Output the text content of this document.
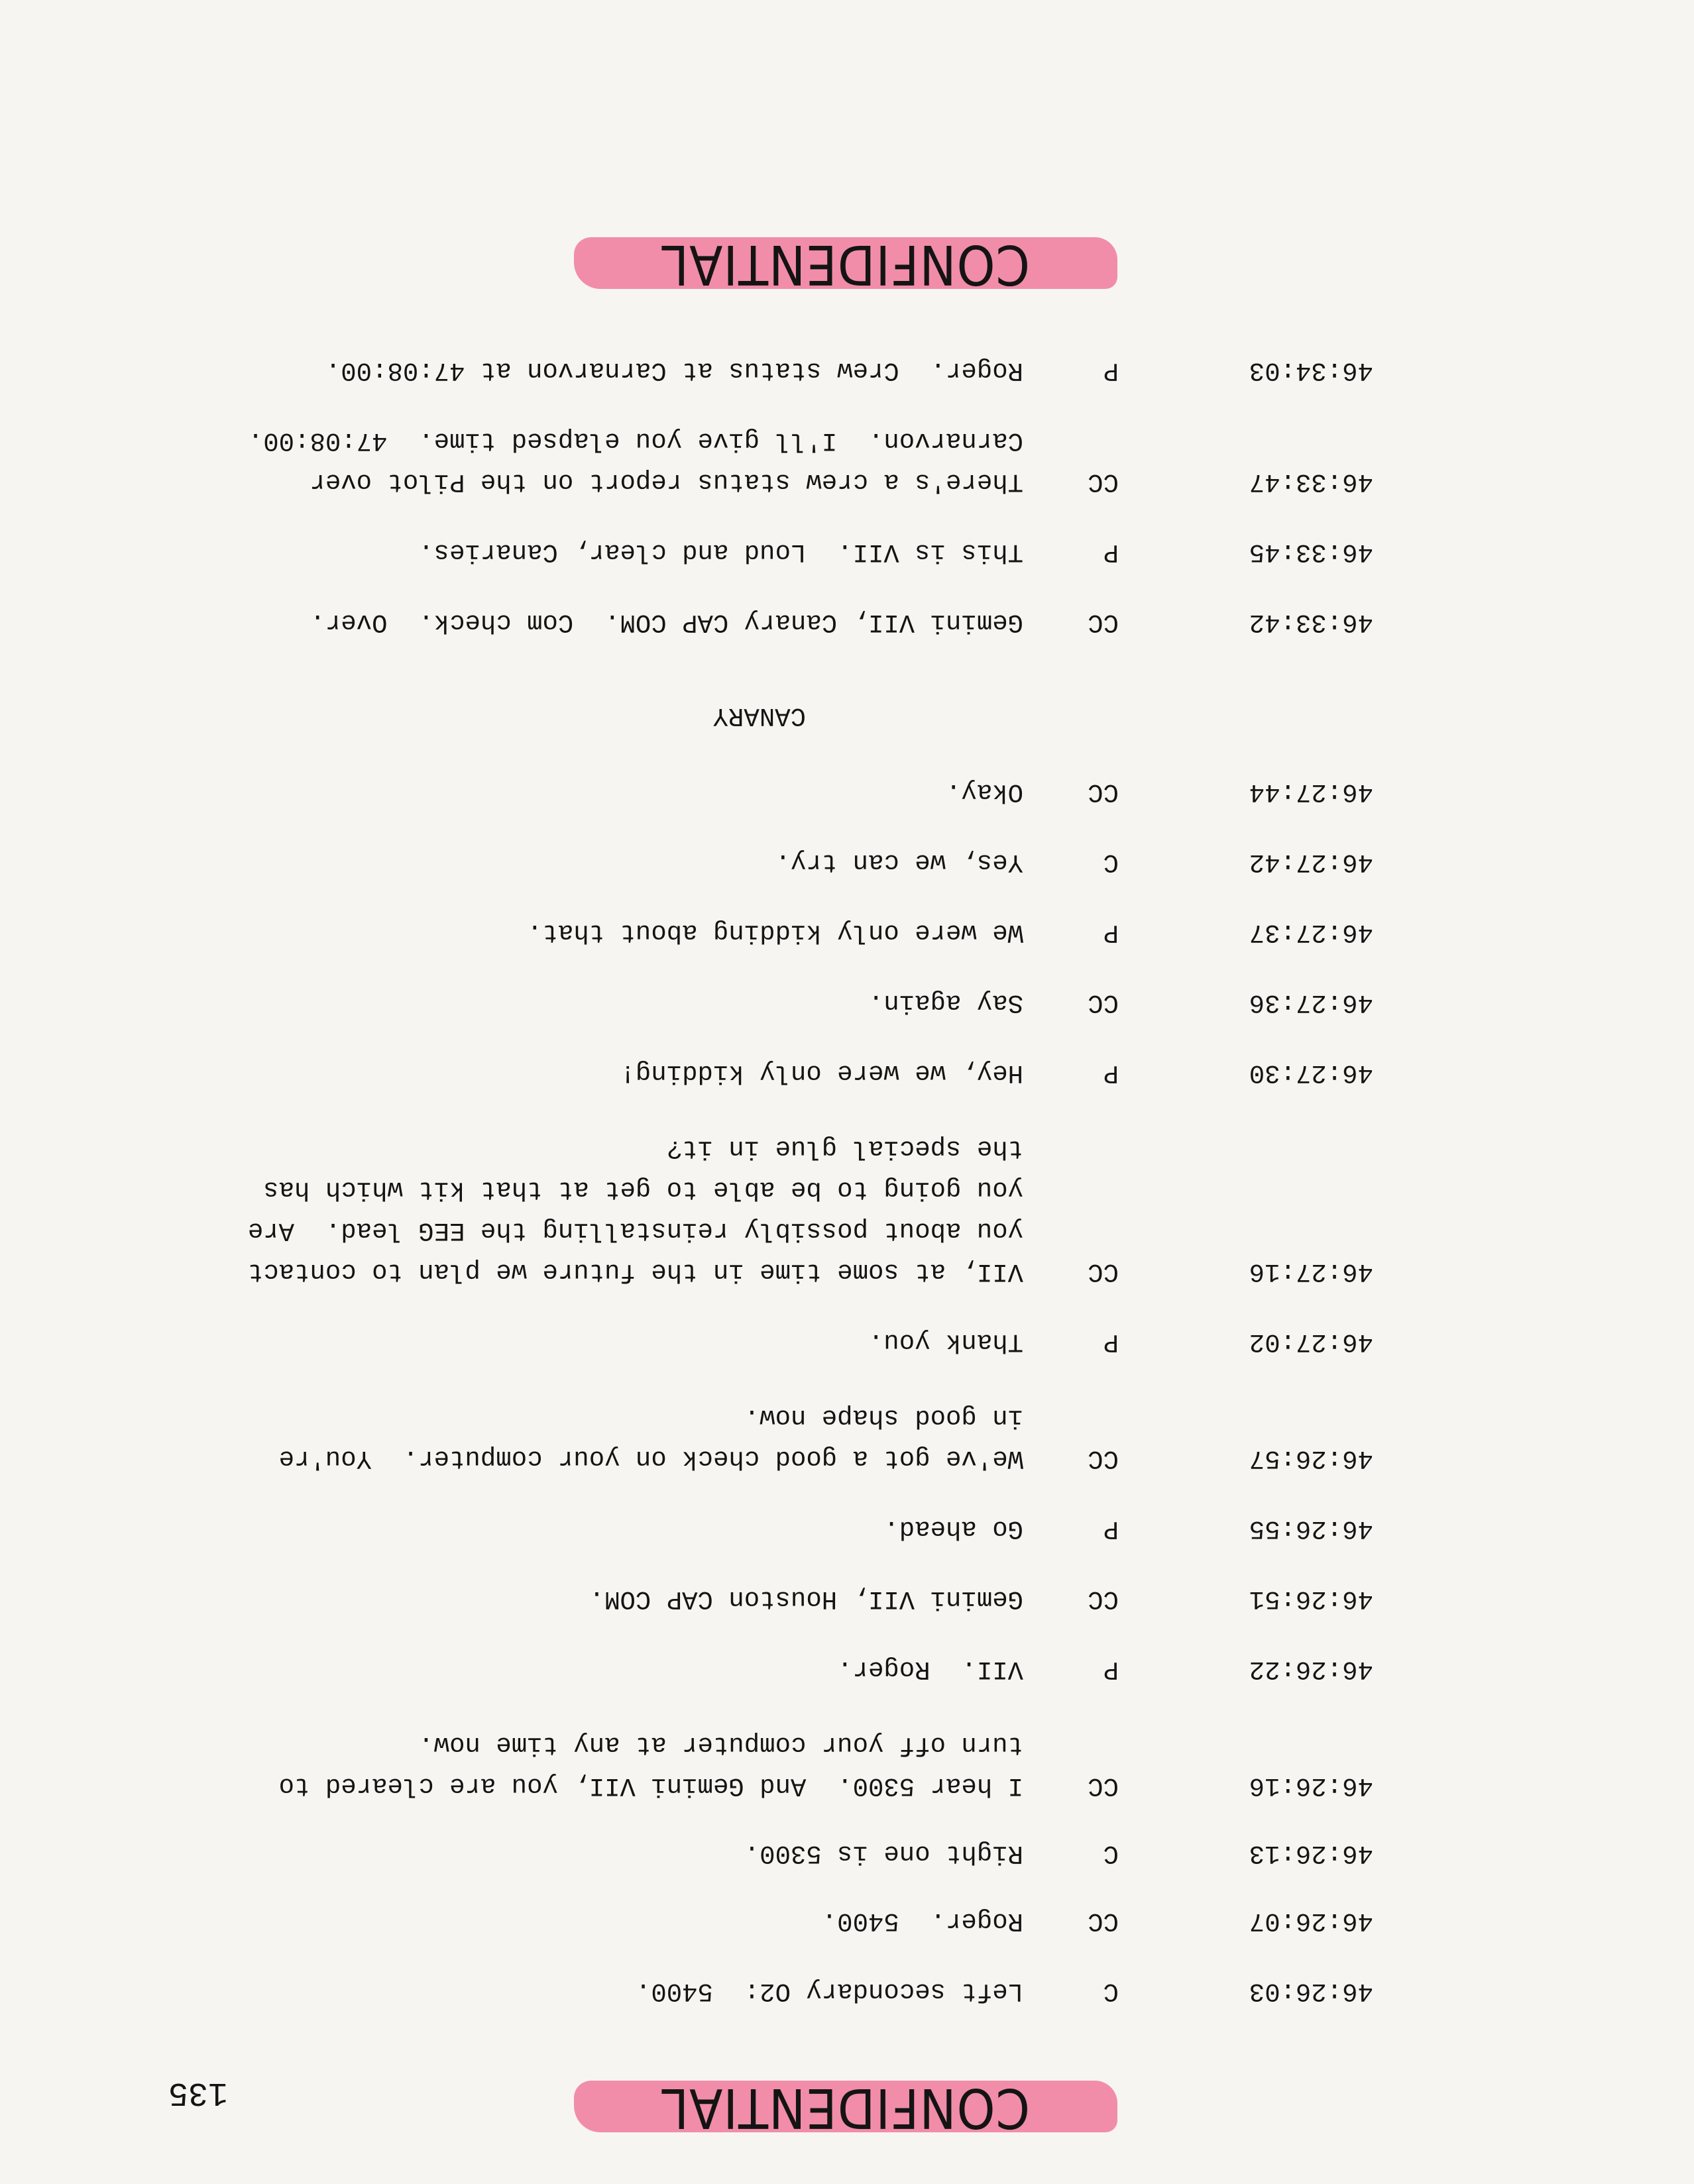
CONFIDENTIAL
135
46:26:03
C
Left secondary O2:  5400.
46:26:07
CC
Roger.  5400.
46:26:13
C
Right one is 5300.
46:26:16
CC
I hear 5300.  And Gemini VII, you are cleared to
turn off your computer at any time now.
46:26:22
P
VII.  Roger.
46:26:51
CC
Gemini VII, Houston CAP COM.
46:26:55
P
Go ahead.
46:26:57
CC
We've got a good check on your computer.  You're
in good shape now.
46:27:02
P
Thank you.
46:27:16
CC
VII, at some time in the future we plan to contact
you about possibly reinstalling the EEG lead.  Are
you going to be able to get at that kit which has
the special glue in it?
46:27:30
P
Hey, we were only kidding!
46:27:36
CC
Say again.
46:27:37
P
We were only kidding about that.
46:27:42
C
Yes, we can try.
46:27:44
CC
Okay.
CANARY
46:33:42
CC
Gemini VII, Canary CAP COM.  Com check.  Over.
46:33:45
P
This is VII.  Loud and clear, Canaries.
46:33:47
CC
There's a crew status report on the Pilot over
Carnarvon.  I'll give you elapsed time.  47:08:00.
46:34:03
P
Roger.  Crew status at Carnarvon at 47:08:00.
CONFIDENTIAL
